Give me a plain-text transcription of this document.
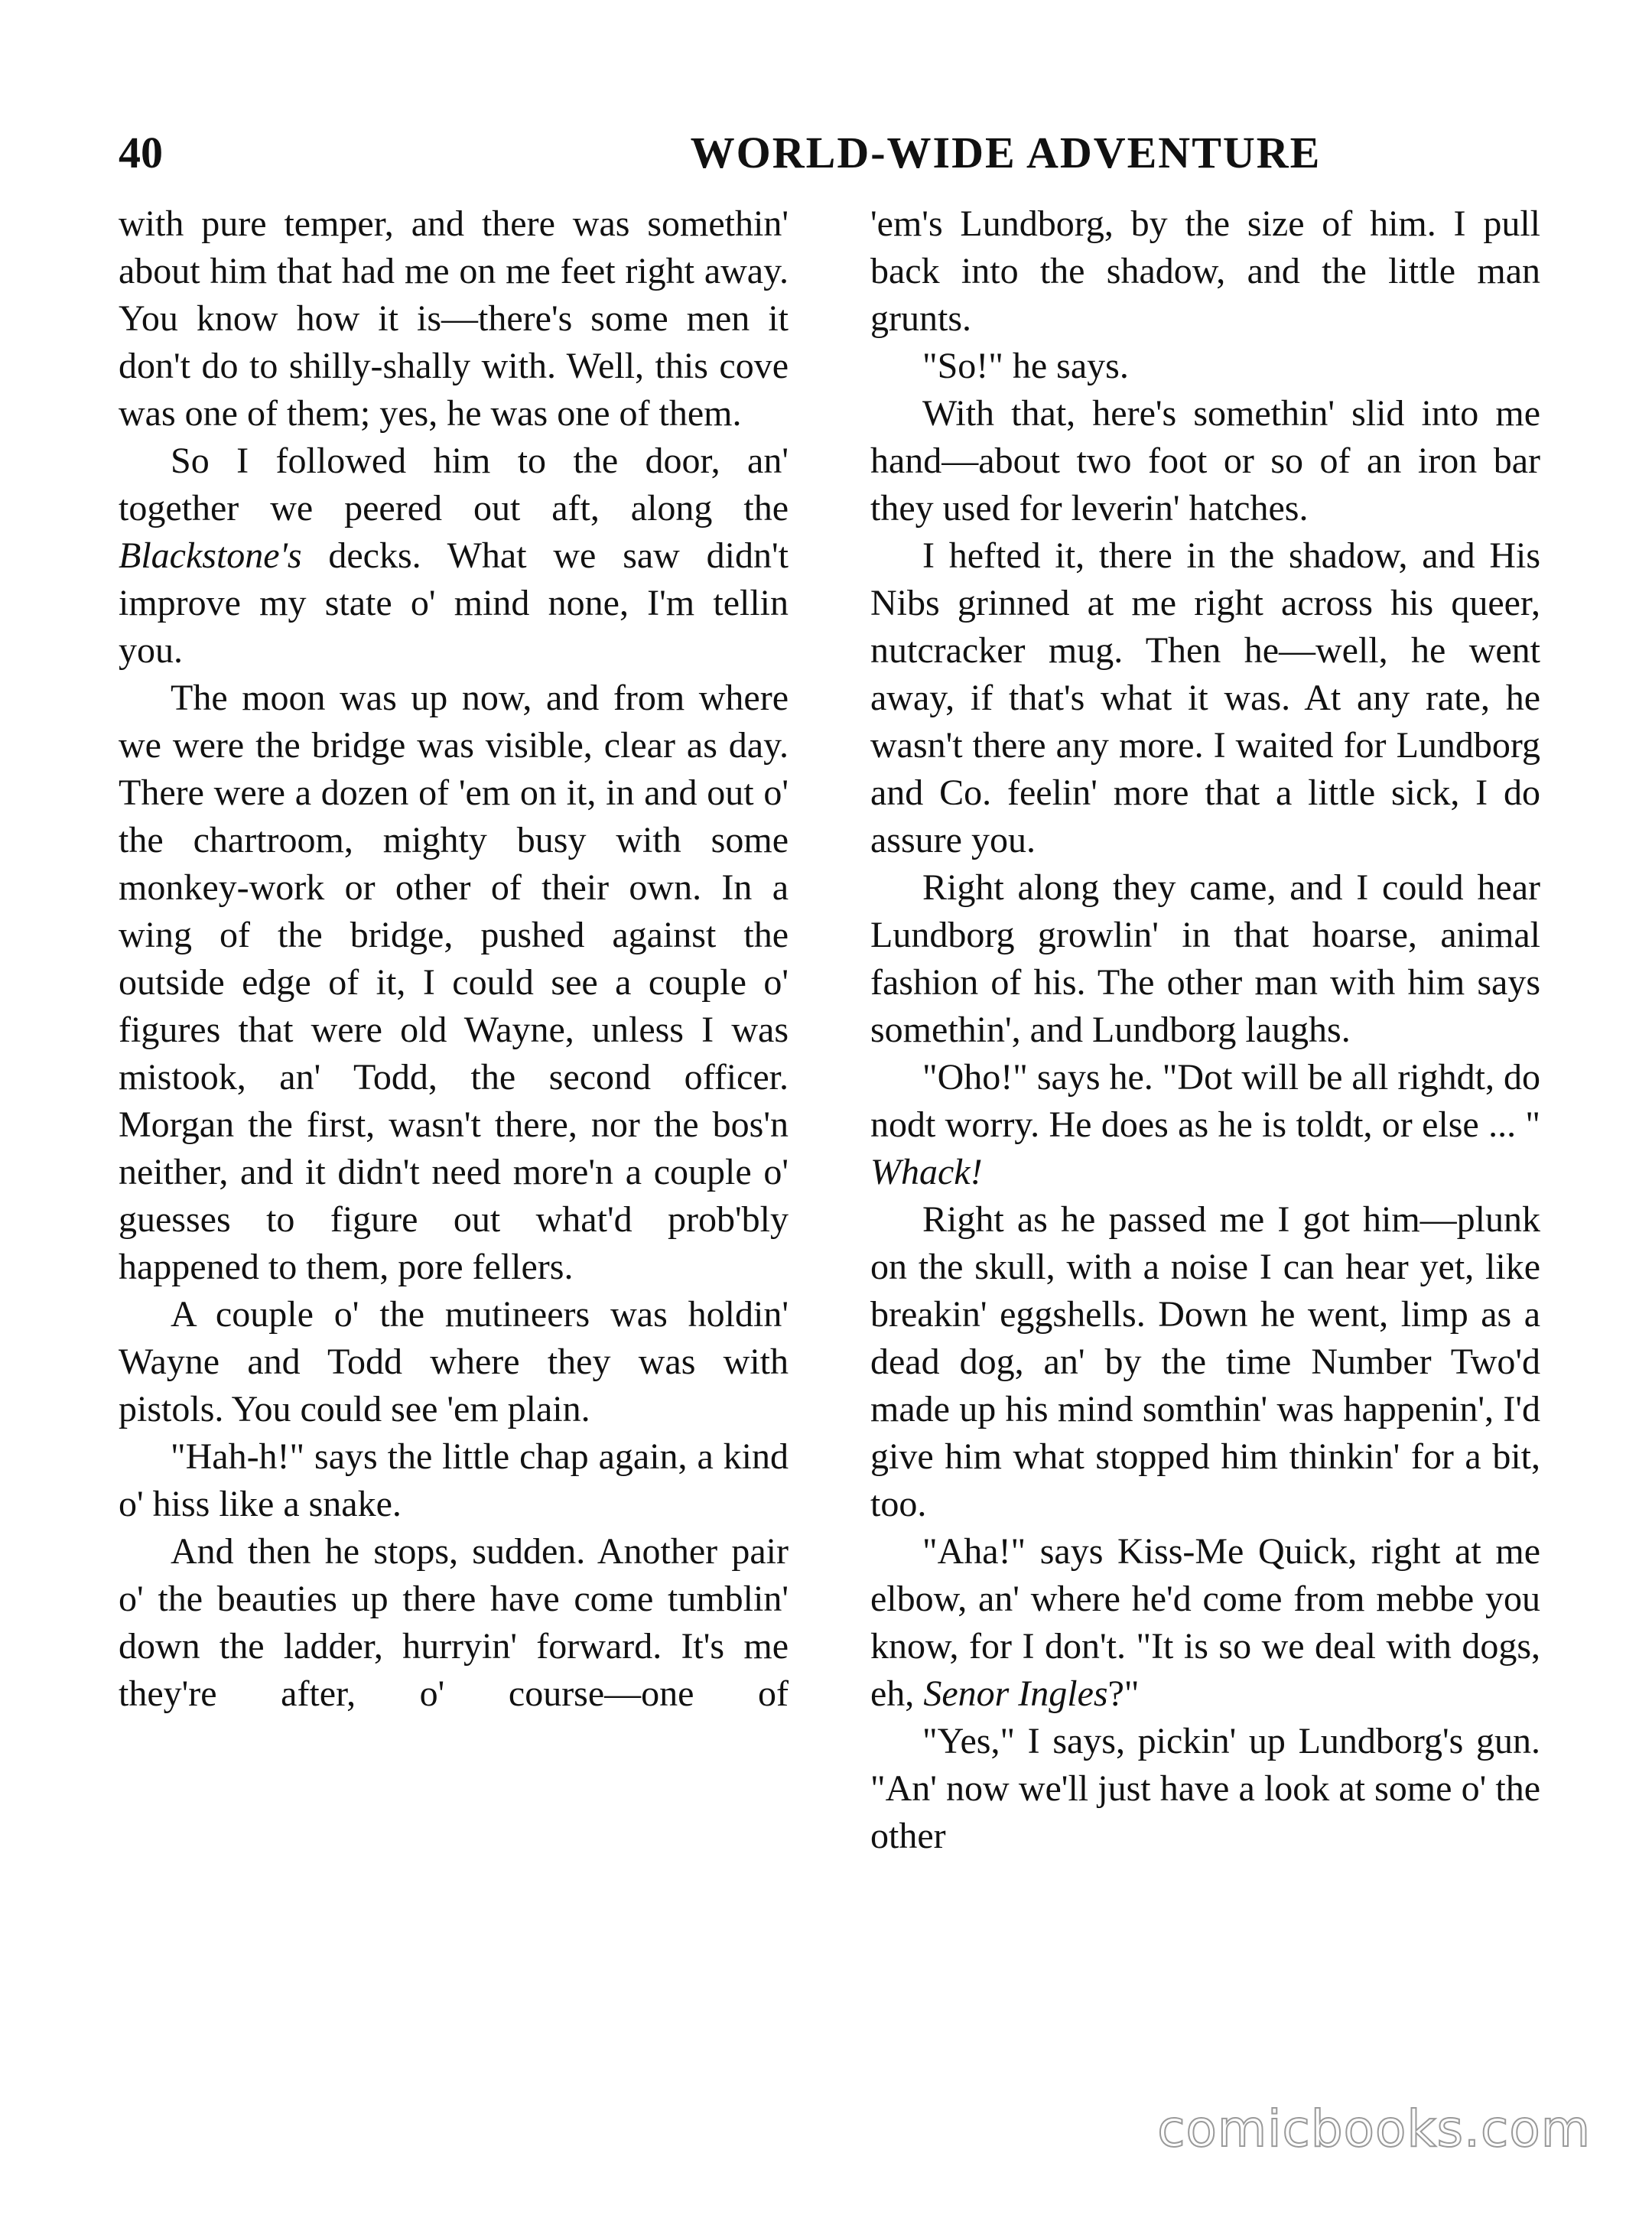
40	WORLD-WIDE ADVENTURE

with pure temper, and there was somethin' about him that had me on me feet right away. You know how it is—there's some men it don't do to shilly-shally with. Well, this cove was one of them; yes, he was one of them.

So I followed him to the door, an' together we peered out aft, along the Blackstone's decks. What we saw didn't improve my state o' mind none, I'm tellin you.

The moon was up now, and from where we were the bridge was visible, clear as day. There were a dozen of 'em on it, in and out o' the chartroom, mighty busy with some monkey-work or other of their own. In a wing of the bridge, pushed against the outside edge of it, I could see a couple o' figures that were old Wayne, unless I was mistook, an' Todd, the second officer. Morgan the first, wasn't there, nor the bos'n neither, and it didn't need more'n a couple o' guesses to figure out what'd prob'bly happened to them, pore fellers.

A couple o' the mutineers was holdin' Wayne and Todd where they was with pistols. You could see 'em plain.

"Hah-h!" says the little chap again, a kind o' hiss like a snake.

And then he stops, sudden. Another pair o' the beauties up there have come tumblin' down the ladder, hurryin' forward. It's me they're after, o' course—one of

'em's Lundborg, by the size of him. I pull back into the shadow, and the little man grunts.

"So!" he says.

With that, here's somethin' slid into me hand—about two foot or so of an iron bar they used for leverin' hatches.

I hefted it, there in the shadow, and His Nibs grinned at me right across his queer, nutcracker mug. Then he—well, he went away, if that's what it was. At any rate, he wasn't there any more. I waited for Lundborg and Co. feelin' more that a little sick, I do assure you.

Right along they came, and I could hear Lundborg growlin' in that hoarse, animal fashion of his. The other man with him says somethin', and Lundborg laughs.

"Oho!" says he. "Dot will be all righdt, do nodt worry. He does as he is toldt, or else ... " Whack!

Right as he passed me I got him—plunk on the skull, with a noise I can hear yet, like breakin' eggshells. Down he went, limp as a dead dog, an' by the time Number Two'd made up his mind somthin' was happenin', I'd give him what stopped him thinkin' for a bit, too.

"Aha!" says Kiss-Me Quick, right at me elbow, an' where he'd come from mebbe you know, for I don't. "It is so we deal with dogs, eh, Senor Ingles?"

"Yes," I says, pickin' up Lundborg's gun. "An' now we'll just have a look at some o' the other

comicbooks.com
